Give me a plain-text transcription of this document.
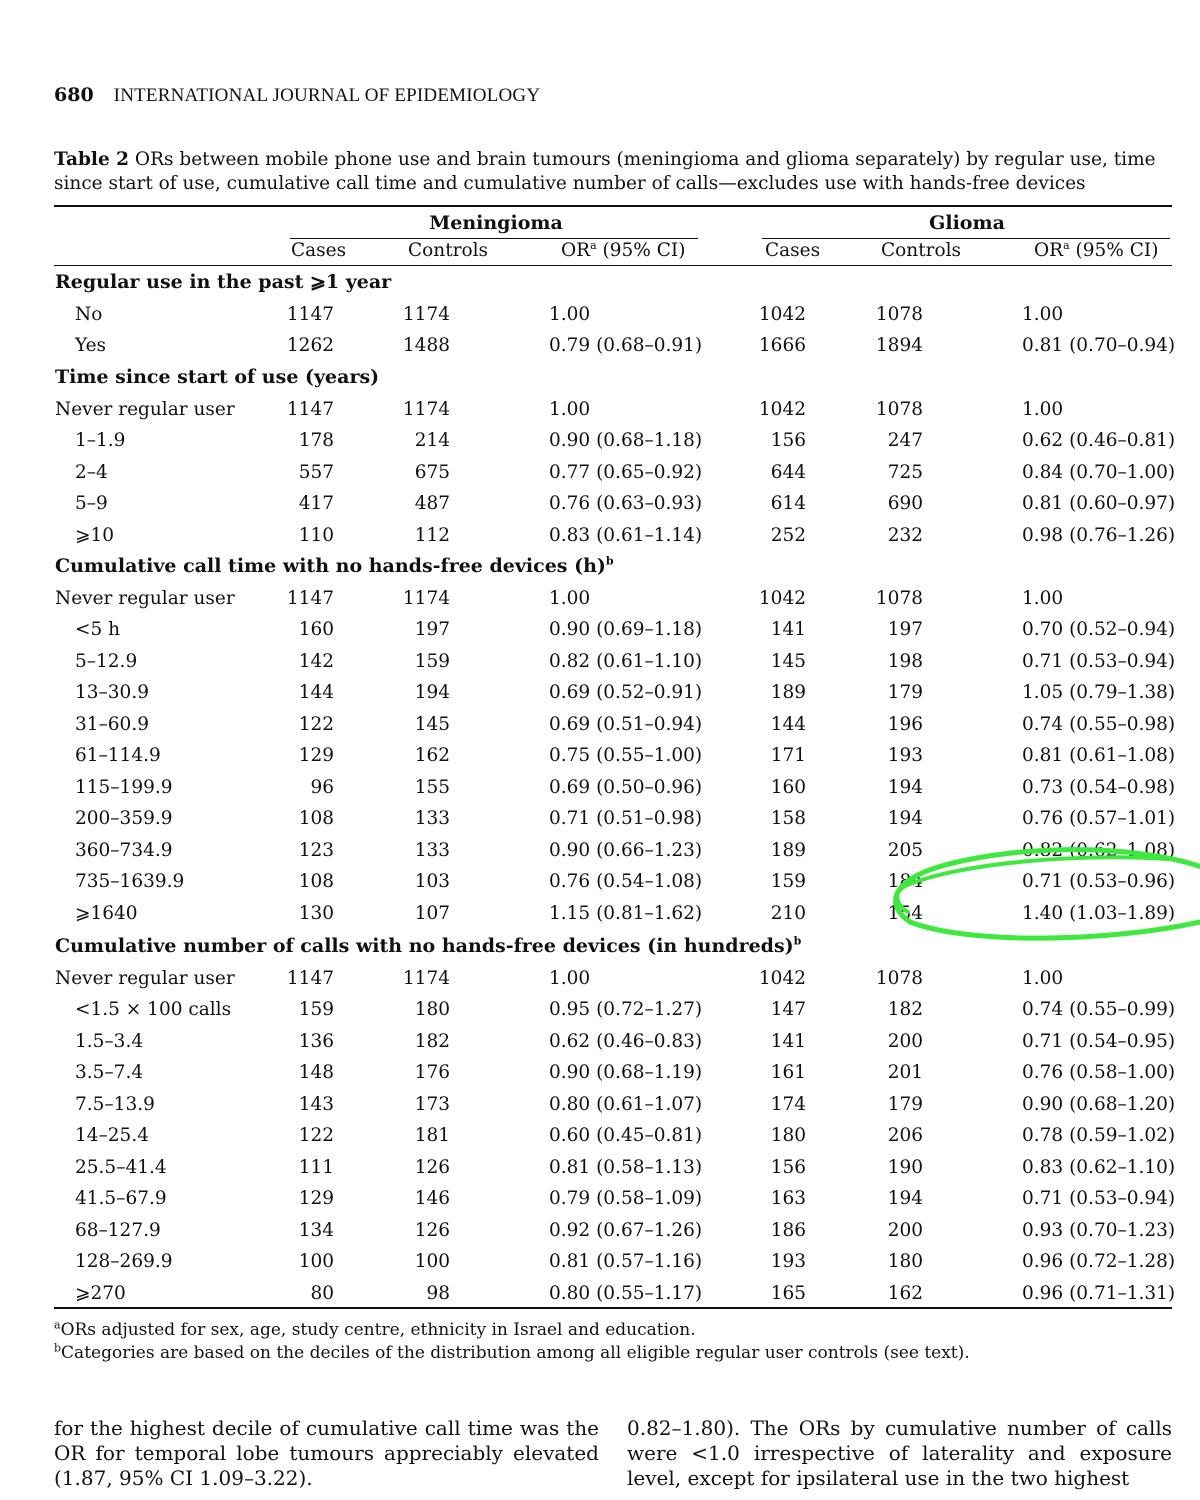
680 INTERNATIONAL JOURNAL OF EPIDEMIOLOGY
Table 2 ORs between mobile phone use and brain tumours (meningioma and glioma separately) by regular use, time since start of use, cumulative call time and cumulative number of calls—excludes use with hands-free devices
Meningioma	Glioma
Cases	Controls	$OR^a$ (95% CI)	Cases	Controls	$OR^a$ (95% CI)
Regular use in the past ⩾1 year
No	1147	1174	1.00	1042	1078	1.00
Yes	1262	1488	0.79 (0.68–0.91)	1666	1894	0.81 (0.70–0.94)
Time since start of use (years)
Never regular user	1147	1174	1.00	1042	1078	1.00
1–1.9	178	214	0.90 (0.68–1.18)	156	247	0.62 (0.46–0.81)
2–4	557	675	0.77 (0.65–0.92)	644	725	0.84 (0.70–1.00)
5–9	417	487	0.76 (0.63–0.93)	614	690	0.81 (0.60–0.97)
⩾10	110	112	0.83 (0.61–1.14)	252	232	0.98 (0.76–1.26)
Cumulative call time with no hands-free devices $(h)^b$
Never regular user	1147	1174	1.00	1042	1078	1.00
<5 h	160	197	0.90 (0.69–1.18)	141	197	0.70 (0.52–0.94)
5–12.9	142	159	0.82 (0.61–1.10)	145	198	0.71 (0.53–0.94)
13–30.9	144	194	0.69 (0.52–0.91)	189	179	1.05 (0.79–1.38)
31–60.9	122	145	0.69 (0.51–0.94)	144	196	0.74 (0.55–0.98)
61–114.9	129	162	0.75 (0.55–1.00)	171	193	0.81 (0.61–1.08)
115–199.9	96	155	0.69 (0.50–0.96)	160	194	0.73 (0.54–0.98)
200–359.9	108	133	0.71 (0.51–0.98)	158	194	0.76 (0.57–1.01)
360–734.9	123	133	0.90 (0.66–1.23)	189	205	0.82 (0.62–1.08)
735–1639.9	108	103	0.76 (0.54–1.08)	159	184	0.71 (0.53–0.96)
⩾1640	130	107	1.15 (0.81–1.62)	210	154	1.40 (1.03–1.89)
Cumulative number of calls with no hands-free devices (in hundreds)$^b$
Never regular user	1147	1174	1.00	1042	1078	1.00
<1.5 × 100 calls	159	180	0.95 (0.72–1.27)	147	182	0.74 (0.55–0.99)
1.5–3.4	136	182	0.62 (0.46–0.83)	141	200	0.71 (0.54–0.95)
3.5–7.4	148	176	0.90 (0.68–1.19)	161	201	0.76 (0.58–1.00)
7.5–13.9	143	173	0.80 (0.61–1.07)	174	179	0.90 (0.68–1.20)
14–25.4	122	181	0.60 (0.45–0.81)	180	206	0.78 (0.59–1.02)
25.5–41.4	111	126	0.81 (0.58–1.13)	156	190	0.83 (0.62–1.10)
41.5–67.9	129	146	0.79 (0.58–1.09)	163	194	0.71 (0.53–0.94)
68–127.9	134	126	0.92 (0.67–1.26)	186	200	0.93 (0.70–1.23)
128–269.9	100	100	0.81 (0.57–1.16)	193	180	0.96 (0.72–1.28)
⩾270	80	98	0.80 (0.55–1.17)	165	162	0.96 (0.71–1.31)
$^a$ORs adjusted for sex, age, study centre, ethnicity in Israel and education.
$^b$Categories are based on the deciles of the distribution among all eligible regular user controls (see text).
for the highest decile of cumulative call time was the OR for temporal lobe tumours appreciably elevated (1.87, 95% CI 1.09–3.22).
0.82–1.80). The ORs by cumulative number of calls were <1.0 irrespective of laterality and exposure level, except for ipsilateral use in the two highest
